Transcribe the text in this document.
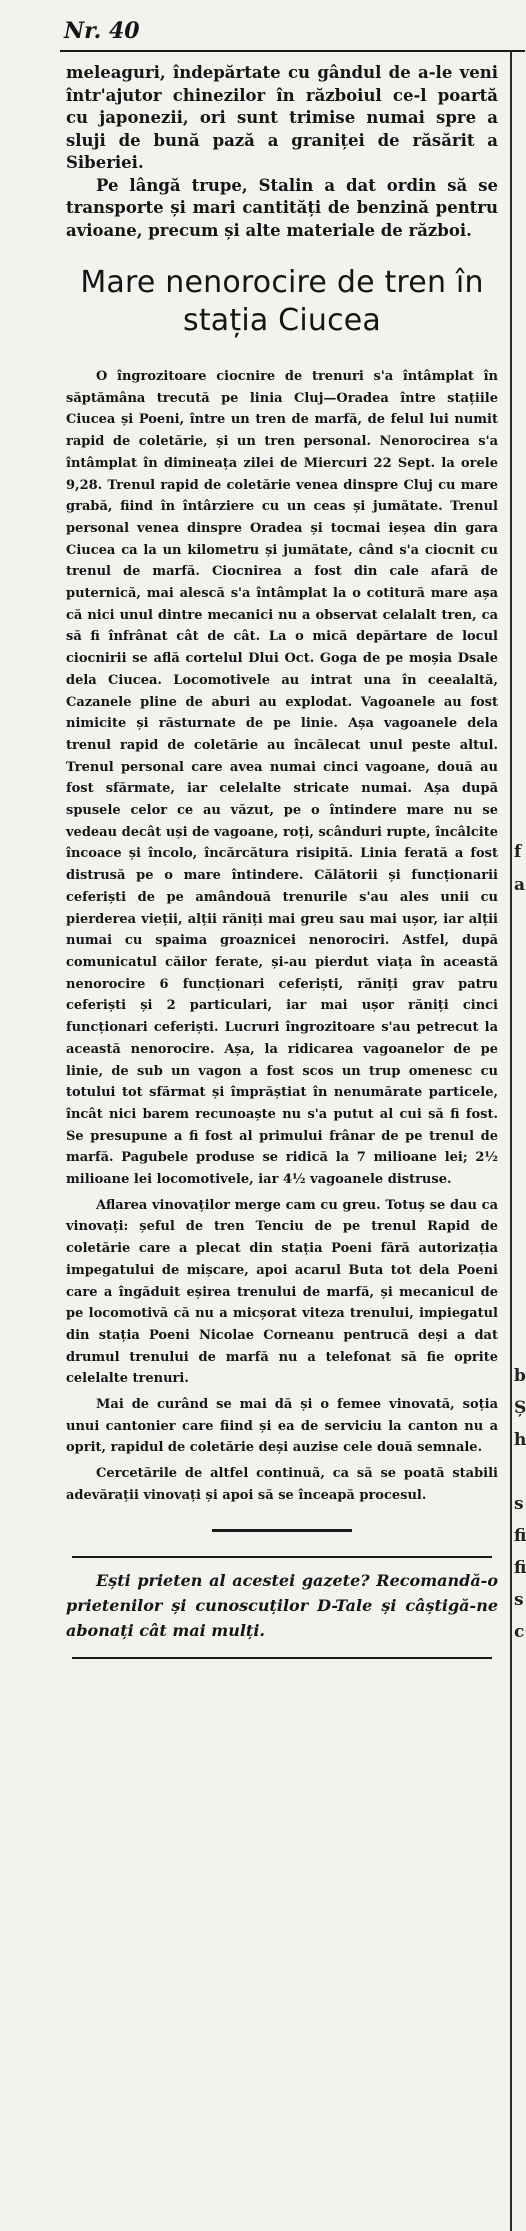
Nr. 40
f
a
b
Ș
h
s
fi
fi
s
c

meleaguri, îndepărtate cu gândul de a-le veni într'ajutor chinezilor în războiul ce-l poartă cu japonezii, ori sunt trimise numai spre a sluji de bună pază a graniței de răsărit a Siberiei.

Pe lângă trupe, Stalin a dat ordin să se transporte și mari cantități de benzină pentru avioane, precum și alte materiale de război.

Mare nenorocire de tren în stația Ciucea

O îngrozitoare ciocnire de trenuri s'a întâmplat în săptămâna trecută pe linia Cluj—Oradea între stațiile Ciucea și Poeni, între un tren de marfă, de felul lui numit rapid de coletărie, și un tren personal. Nenorocirea s'a întâmplat în dimineața zilei de Miercuri 22 Sept. la orele 9,28. Trenul rapid de coletărie venea dinspre Cluj cu mare grabă, fiind în întârziere cu un ceas și jumătate. Trenul personal venea dinspre Oradea și tocmai ieșea din gara Ciucea ca la un kilometru și jumătate, când s'a ciocnit cu trenul de marfă. Ciocnirea a fost din cale afară de puternică, mai alescă s'a întâmplat la o cotitură mare așa că nici unul dintre mecanici nu a observat celalalt tren, ca să fi înfrânat cât de cât. La o mică depărtare de locul ciocnirii se află cortelul Dlui Oct. Goga de pe moșia Dsale dela Ciucea. Locomotivele au intrat una în ceealaltă, Cazanele pline de aburi au explodat. Vagoanele au fost nimicite și răsturnate de pe linie. Așa vagoanele dela trenul rapid de coletărie au încălecat unul peste altul. Trenul personal care avea numai cinci vagoane, două au fost sfărmate, iar celelalte stricate numai. Așa după spusele celor ce au văzut, pe o întindere mare nu se vedeau decât uși de vagoane, roți, scânduri rupte, încâlcite încoace și încolo, încărcătura risipită. Linia ferată a fost distrusă pe o mare întindere. Călătorii și funcționarii ceferiști de pe amândouă trenurile s'au ales unii cu pierderea vieții, alții răniți mai greu sau mai ușor, iar alții numai cu spaima groaznicei nenorociri. Astfel, după comunicatul căilor ferate, și-au pierdut viața în această nenorocire 6 funcționari ceferiști, răniți grav patru ceferiști și 2 particulari, iar mai ușor răniți cinci funcționari ceferiști. Lucruri îngrozitoare s'au petrecut la această nenorocire. Așa, la ridicarea vagoanelor de pe linie, de sub un vagon a fost scos un trup omenesc cu totului tot sfărmat și împrăștiat în nenumărate particele, încât nici barem recunoaște nu s'a putut al cui să fi fost. Se presupune a fi fost al primului frânar de pe trenul de marfă. Pagubele produse se ridică la 7 milioane lei; 2½ milioane lei locomotivele, iar 4½ vagoanele distruse.

Aflarea vinovaților merge cam cu greu. Totuș se dau ca vinovați: șeful de tren Tenciu de pe trenul Rapid de coletărie care a plecat din stația Poeni fără autorizația impegatului de mișcare, apoi acarul Buta tot dela Poeni care a îngăduit eșirea trenului de marfă, și mecanicul de pe locomotivă că nu a micșorat viteza trenului, impiegatul din stația Poeni Nicolae Corneanu pentrucă deși a dat drumul trenului de marfă nu a telefonat să fie oprite celelalte trenuri.

Mai de curând se mai dă și o femee vinovată, soția unui cantonier care fiind și ea de serviciu la canton nu a oprit, rapidul de coletărie deși auzise cele două semnale.

Cercetările de altfel continuă, ca să se poată stabili adevărații vinovați și apoi să se înceapă procesul.

Ești prieten al acestei gazete? Recomandă-o prietenilor și cunoscuților D-Tale și câștigă-ne abonați cât mai mulți.
